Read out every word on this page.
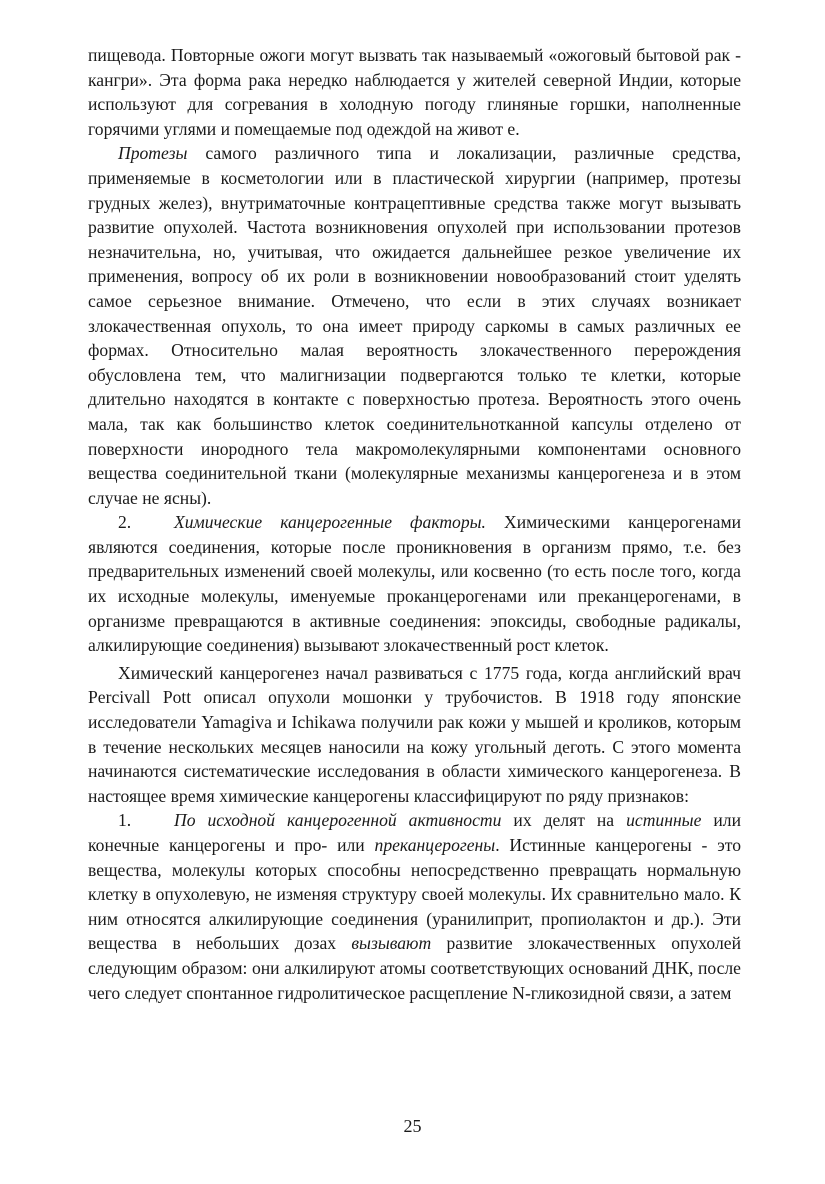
пищевода. Повторные ожоги могут вызвать так называемый «ожоговый бытовой рак - кангри». Эта форма рака нередко наблюдается у жителей северной Индии, которые используют для согревания в холодную погоду глиняные горшки, наполненные горячими углями и помещаемые под одеждой на живот е.

Протезы самого различного типа и локализации, различные средства, применяемые в косметологии или в пластической хирургии (например, протезы грудных желез), внутриматочные контрацептивные средства также могут вызывать развитие опухолей. Частота возникновения опухолей при использовании протезов незначительна, но, учитывая, что ожидается дальнейшее резкое увеличение их применения, вопросу об их роли в возникновении новообразований стоит уделять самое серьезное внимание. Отмечено, что если в этих случаях возникает злокачественная опухоль, то она имеет природу саркомы в самых различных ее формах. Относительно малая вероятность злокачественного перерождения обусловлена тем, что малигнизации подвергаются только те клетки, которые длительно находятся в контакте с поверхностью протеза. Вероятность этого очень мала, так как большинство клеток соединительнотканной капсулы отделено от поверхности инородного тела макромолекулярными компонентами основного вещества соединительной ткани (молекулярные механизмы канцерогенеза и в этом случае не ясны).

2. Химические канцерогенные факторы. Химическими канцерогенами являются соединения, которые после проникновения в организм прямо, т.е. без предварительных изменений своей молекулы, или косвенно (то есть после того, когда их исходные молекулы, именуемые проканцерогенами или преканцерогенами, в организме превращаются в активные соединения: эпоксиды, свободные радикалы, алкилирующие соединения) вызывают злокачественный рост клеток.

Химический канцерогенез начал развиваться с 1775 года, когда английский врач Percivall Pott описал опухоли мошонки у трубочистов. В 1918 году японские исследователи Yamagiva и Ichikawa получили рак кожи у мышей и кроликов, которым в течение нескольких месяцев наносили на кожу угольный деготь. С этого момента начинаются систематические исследования в области химического канцерогенеза. В настоящее время химические канцерогены классифицируют по ряду признаков:

1. По исходной канцерогенной активности их делят на истинные или конечные канцерогены и про- или преканцерогены. Истинные канцерогены - это вещества, молекулы которых способны непосредственно превращать нормальную клетку в опухолевую, не изменяя структуру своей молекулы. Их сравнительно мало. К ним относятся алкилирующие соединения (уранилиприт, пропиолактон и др.). Эти вещества в небольших дозах вызывают развитие злокачественных опухолей следующим образом: они алкилируют атомы соответствующих оснований ДНК, после чего следует спонтанное гидролитическое расщепление N-гликозидной связи, а затем

25
